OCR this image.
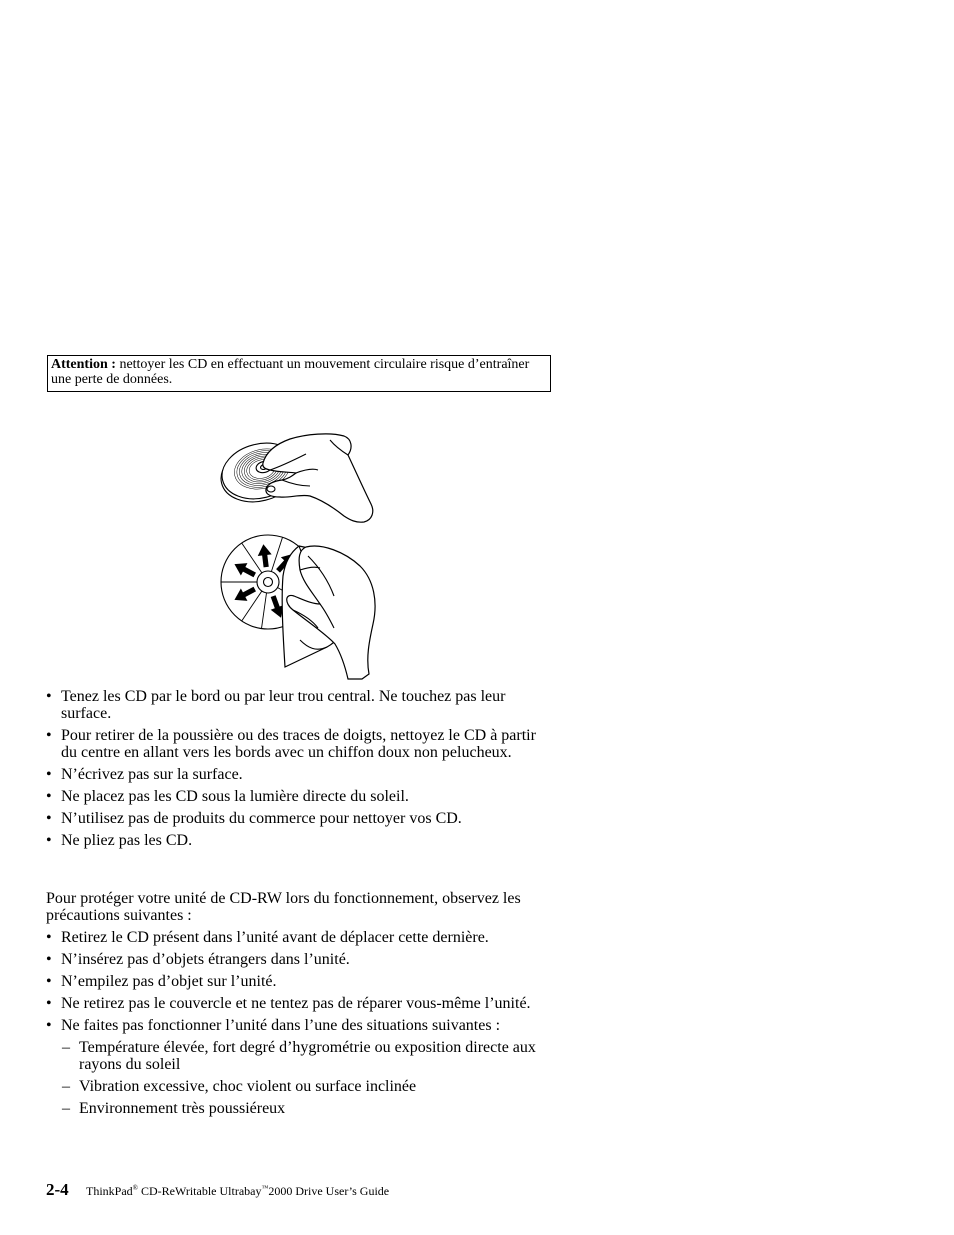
Attention : nettoyer les CD en effectuant un mouvement circulaire risque d’entraîner une perte de données.
• Tenez les CD par le bord ou par leur trou central. Ne touchez pas leur surface.
• Pour retirer de la poussière ou des traces de doigts, nettoyez le CD à partir du centre en allant vers les bords avec un chiffon doux non pelucheux.
• N’écrivez pas sur la surface.
• Ne placez pas les CD sous la lumière directe du soleil.
• N’utilisez pas de produits du commerce pour nettoyer vos CD.
• Ne pliez pas les CD.

Pour protéger votre unité de CD-RW lors du fonctionnement, observez les précautions suivantes :

• Retirez le CD présent dans l’unité avant de déplacer cette dernière.
• N’insérez pas d’objets étrangers dans l’unité.
• N’empilez pas d’objet sur l’unité.
• Ne retirez pas le couvercle et ne tentez pas de réparer vous-même l’unité.
• Ne faites pas fonctionner l’unité dans l’une des situations suivantes :
– Température élevée, fort degré d’hygrométrie ou exposition directe aux rayons du soleil
– Vibration excessive, choc violent ou surface inclinée
– Environnement très poussiéreux
2-4	ThinkPad® CD-ReWritable Ultrabay™2000 Drive User’s Guide
